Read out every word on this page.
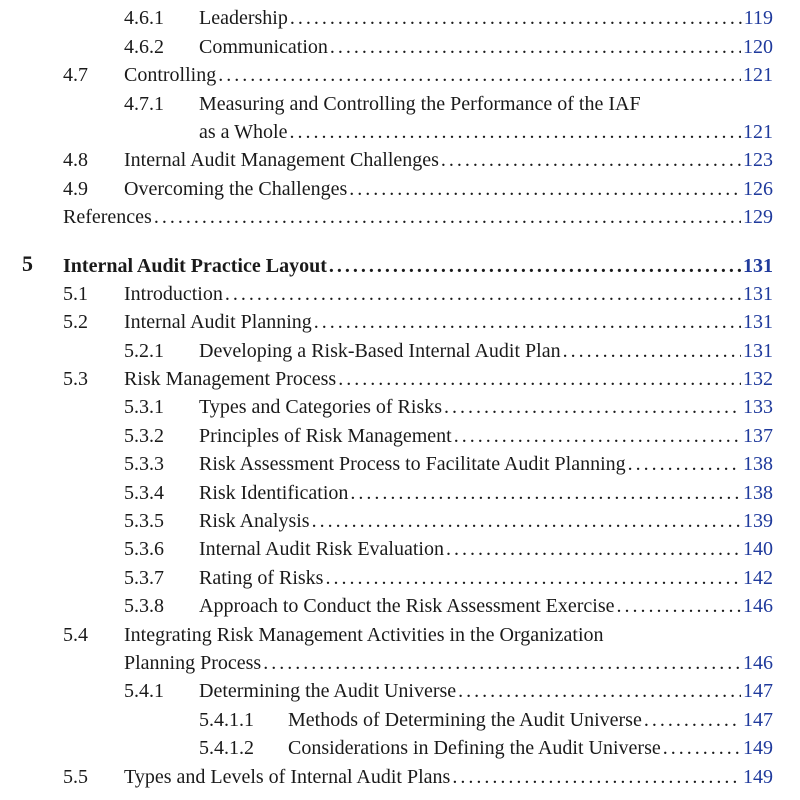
4.6.1 Leadership . . .	119
4.6.2 Communication . . .	120
4.7 Controlling . . .	121
4.7.1 Measuring and Controlling the Performance of the IAF
as a Whole . . .	121
4.8 Internal Audit Management Challenges . . .	123
4.9 Overcoming the Challenges . . .	126
References . . .	129
5 Internal Audit Practice Layout . . .	131
5.1 Introduction . . .	131
5.2 Internal Audit Planning . . .	131
5.2.1 Developing a Risk-Based Internal Audit Plan . . .	131
5.3 Risk Management Process . . .	132
5.3.1 Types and Categories of Risks . . .	133
5.3.2 Principles of Risk Management . . .	137
5.3.3 Risk Assessment Process to Facilitate Audit Planning . . .	138
5.3.4 Risk Identification . . .	138
5.3.5 Risk Analysis . . .	139
5.3.6 Internal Audit Risk Evaluation . . .	140
5.3.7 Rating of Risks . . .	142
5.3.8 Approach to Conduct the Risk Assessment Exercise . . .	146
5.4 Integrating Risk Management Activities in the Organization
Planning Process . . .	146
5.4.1 Determining the Audit Universe . . .	147
5.4.1.1 Methods of Determining the Audit Universe . . .	147
5.4.1.2 Considerations in Defining the Audit Universe . . .	149
5.5 Types and Levels of Internal Audit Plans . . .	149
